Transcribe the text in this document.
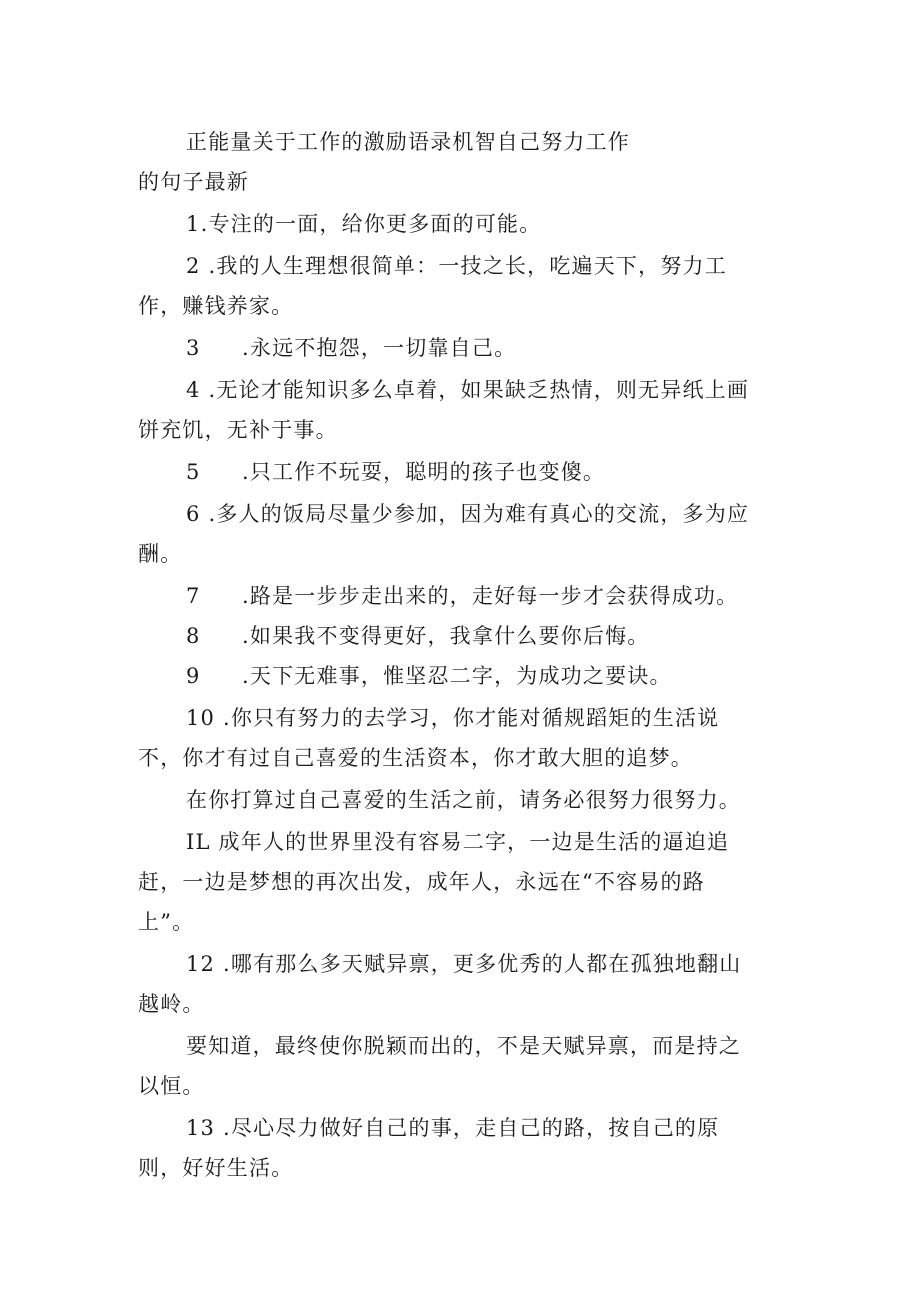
正能量关于工作的激励语录机智自己努力工作
的句子最新
1.专注的一面，给你更多面的可能。
2 .我的人生理想很简单：一技之长，吃遍天下，努力工
作，赚钱养家。
3 .永远不抱怨，一切靠自己。
4 .无论才能知识多么卓着，如果缺乏热情，则无异纸上画
饼充饥，无补于事。
5 .只工作不玩耍，聪明的孩子也变傻。
6 .多人的饭局尽量少参加，因为难有真心的交流，多为应
酬。
7 .路是一步步走出来的，走好每一步才会获得成功。
8 .如果我不变得更好，我拿什么要你后悔。
9 .天下无难事，惟坚忍二字，为成功之要诀。
10 .你只有努力的去学习，你才能对循规蹈矩的生活说
不，你才有过自己喜爱的生活资本，你才敢大胆的追梦。
在你打算过自己喜爱的生活之前，请务必很努力很努力。
IL 成年人的世界里没有容易二字，一边是生活的逼迫追
赶，一边是梦想的再次出发，成年人，永远在“不容易的路
上”。
12 .哪有那么多天赋异禀，更多优秀的人都在孤独地翻山
越岭。
要知道，最终使你脱颖而出的，不是天赋异禀，而是持之
以恒。
13 .尽心尽力做好自己的事，走自己的路，按自己的原
则，好好生活。
